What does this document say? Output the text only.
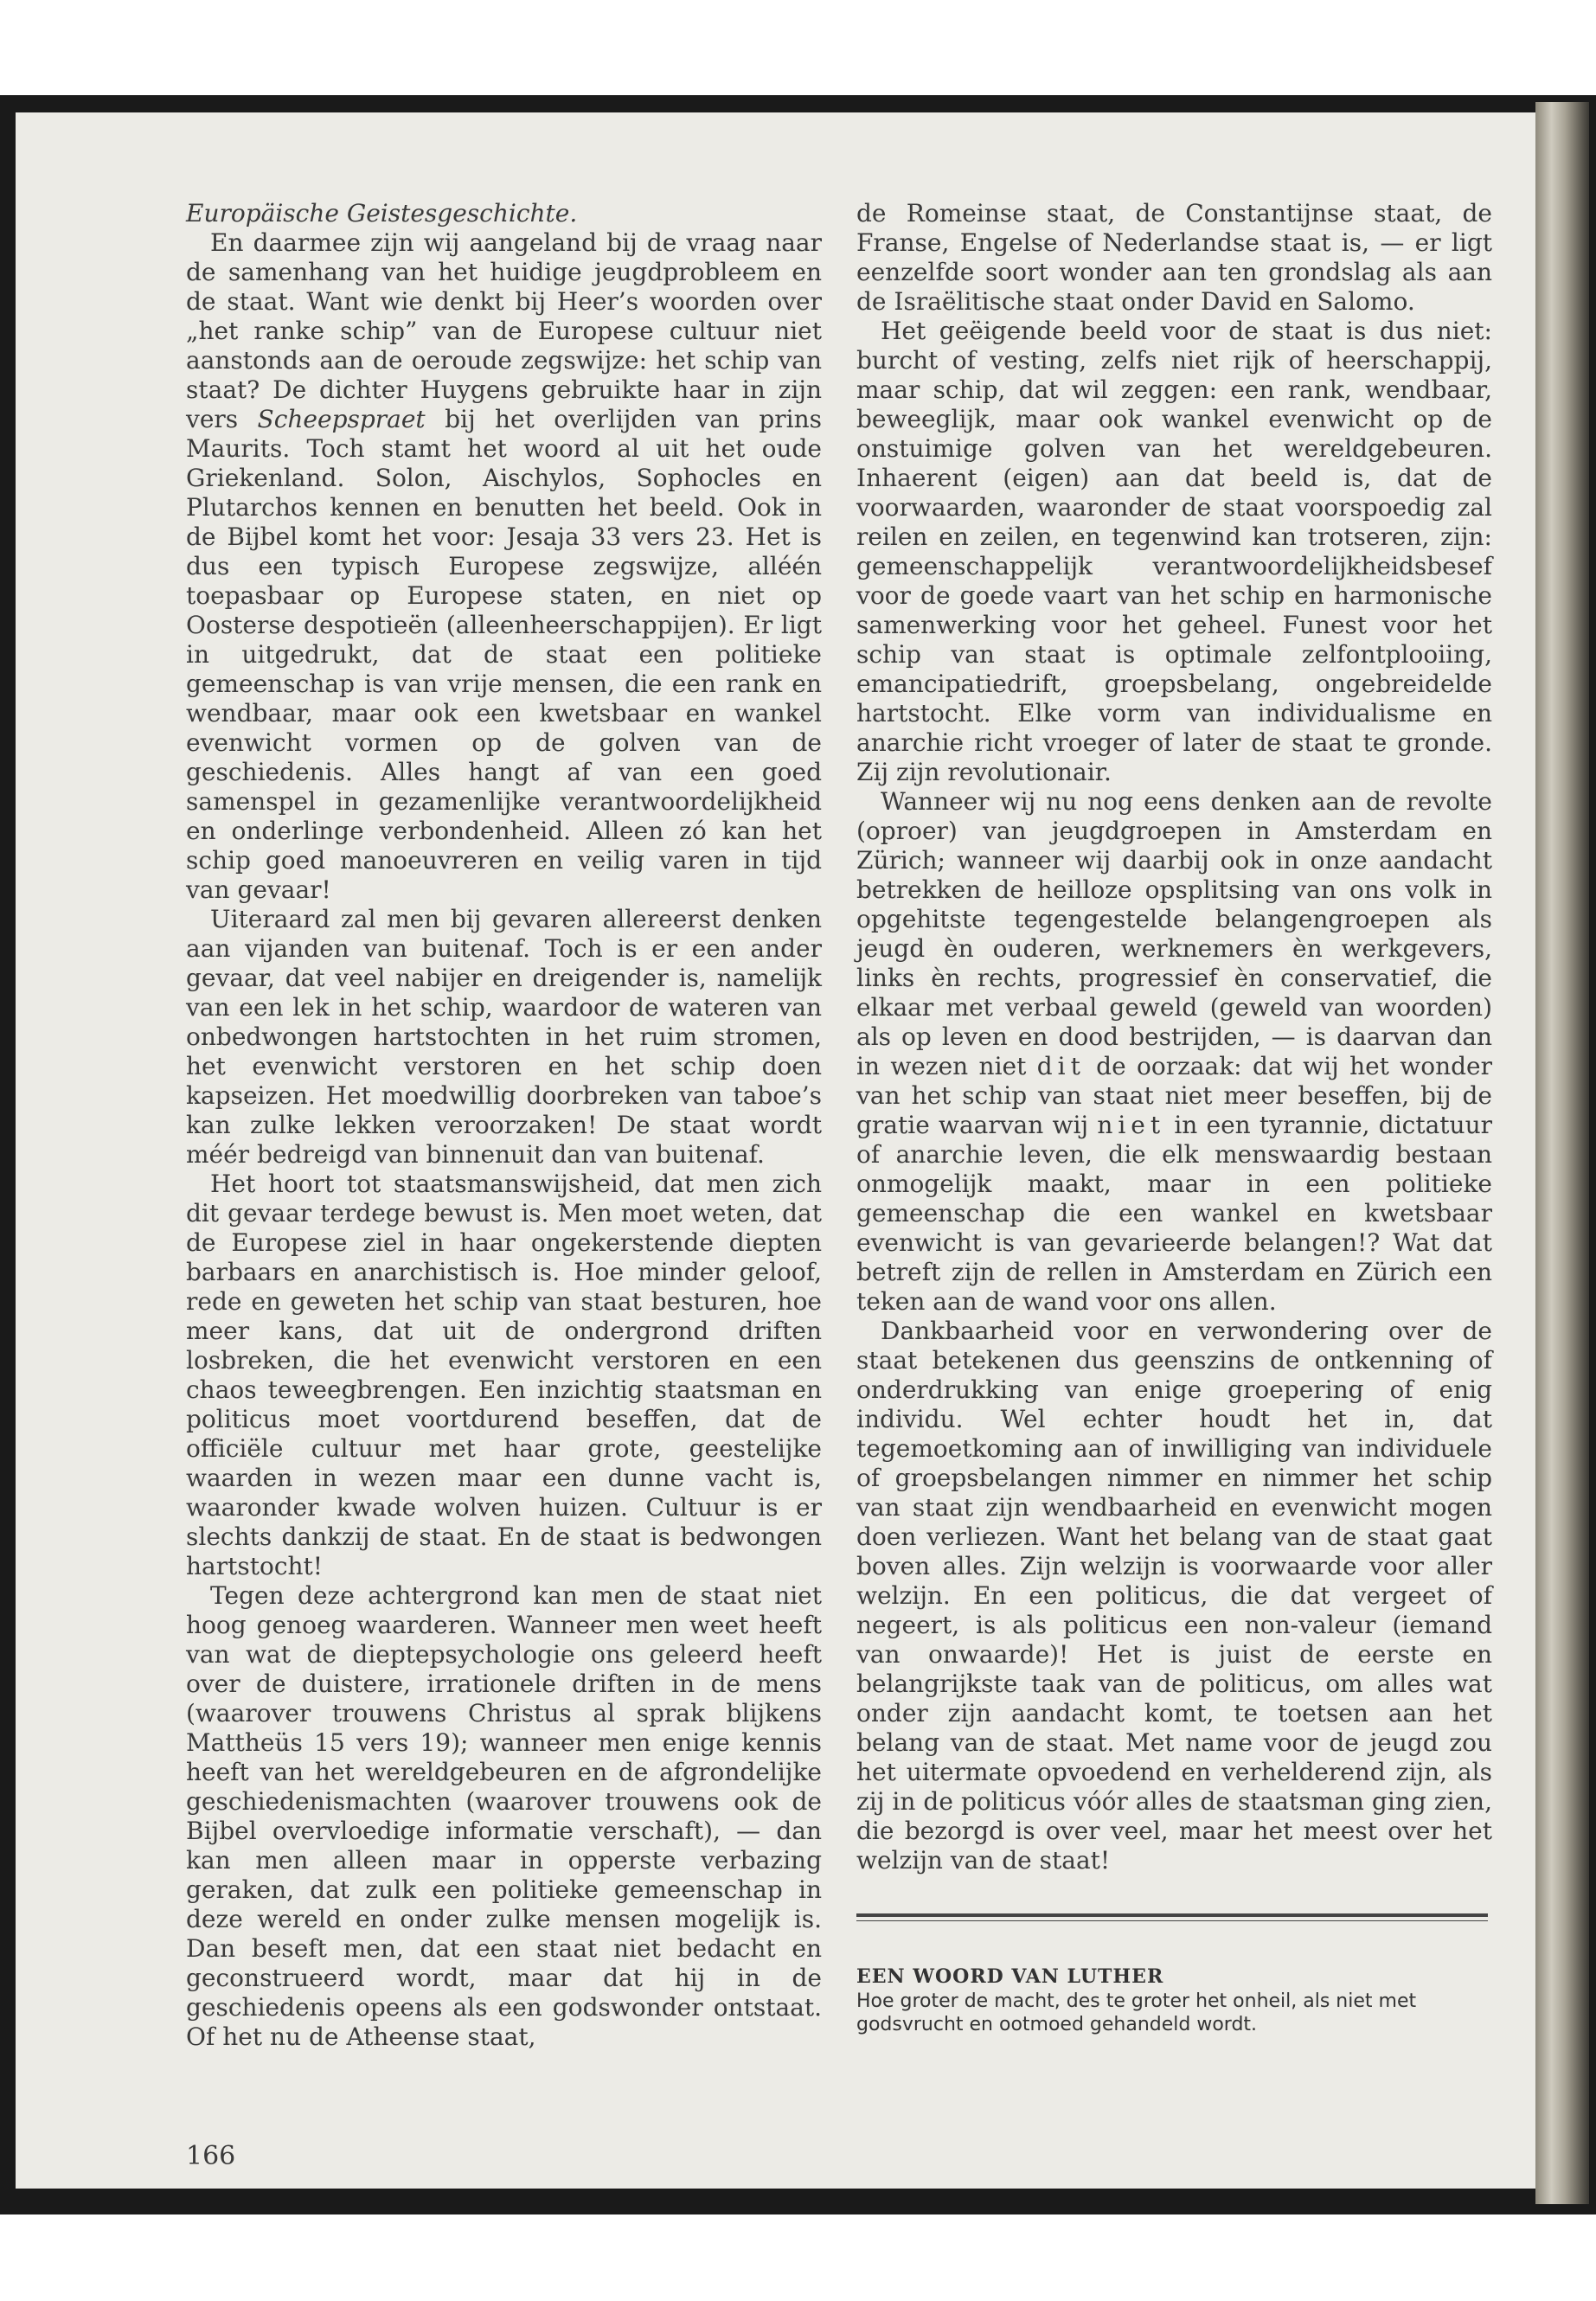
Europäische Geistesgeschichte.

En daarmee zijn wij aangeland bij de vraag naar de samenhang van het huidige jeugdprobleem en de staat. Want wie denkt bij Heer’s woorden over „het ranke schip” van de Europese cultuur niet aanstonds aan de oeroude zegswijze: het schip van staat? De dichter Huygens gebruikte haar in zijn vers Scheepspraet bij het overlijden van prins Maurits. Toch stamt het woord al uit het oude Griekenland. Solon, Aischylos, Sophocles en Plutarchos kennen en benutten het beeld. Ook in de Bijbel komt het voor: Jesaja 33 vers 23. Het is dus een typisch Europese zegswijze, alléén toepasbaar op Europese staten, en niet op Oosterse despotieën (alleenheerschappijen). Er ligt in uitgedrukt, dat de staat een politieke gemeenschap is van vrije mensen, die een rank en wendbaar, maar ook een kwetsbaar en wankel evenwicht vormen op de golven van de geschiedenis. Alles hangt af van een goed samenspel in gezamenlijke verantwoordelijkheid en onderlinge verbondenheid. Alleen zó kan het schip goed manoeuvreren en veilig varen in tijd van gevaar!

Uiteraard zal men bij gevaren allereerst denken aan vijanden van buitenaf. Toch is er een ander gevaar, dat veel nabijer en dreigender is, namelijk van een lek in het schip, waardoor de wateren van onbedwongen hartstochten in het ruim stromen, het evenwicht verstoren en het schip doen kapseizen. Het moedwillig doorbreken van taboe’s kan zulke lekken veroorzaken! De staat wordt méér bedreigd van binnenuit dan van buitenaf.

Het hoort tot staatsmanswijsheid, dat men zich dit gevaar terdege bewust is. Men moet weten, dat de Europese ziel in haar ongekerstende diepten barbaars en anarchistisch is. Hoe minder geloof, rede en geweten het schip van staat besturen, hoe meer kans, dat uit de ondergrond driften losbreken, die het evenwicht verstoren en een chaos teweegbrengen. Een inzichtig staatsman en politicus moet voortdurend beseffen, dat de officiële cultuur met haar grote, geestelijke waarden in wezen maar een dunne vacht is, waaronder kwade wolven huizen. Cultuur is er slechts dankzij de staat. En de staat is bedwongen hartstocht!

Tegen deze achtergrond kan men de staat niet hoog genoeg waarderen. Wanneer men weet heeft van wat de dieptepsychologie ons geleerd heeft over de duistere, irrationele driften in de mens (waarover trouwens Christus al sprak blijkens Mattheüs 15 vers 19); wanneer men enige kennis heeft van het wereldgebeuren en de afgrondelijke geschiedenismachten (waarover trouwens ook de Bijbel overvloedige informatie verschaft), — dan kan men alleen maar in opperste verbazing geraken, dat zulk een politieke gemeenschap in deze wereld en onder zulke mensen mogelijk is. Dan beseft men, dat een staat niet bedacht en geconstrueerd wordt, maar dat hij in de geschiedenis opeens als een godswonder ontstaat. Of het nu de Atheense staat,

de Romeinse staat, de Constantijnse staat, de Franse, Engelse of Nederlandse staat is, — er ligt eenzelfde soort wonder aan ten grondslag als aan de Israëlitische staat onder David en Salomo.

Het geëigende beeld voor de staat is dus niet: burcht of vesting, zelfs niet rijk of heerschappij, maar schip, dat wil zeggen: een rank, wendbaar, beweeglijk, maar ook wankel evenwicht op de onstuimige golven van het wereldgebeuren. Inhaerent (eigen) aan dat beeld is, dat de voorwaarden, waaronder de staat voorspoedig zal reilen en zeilen, en tegenwind kan trotseren, zijn: gemeenschappelijk verantwoordelijkheidsbesef voor de goede vaart van het schip en harmonische samenwerking voor het geheel. Funest voor het schip van staat is optimale zelfontplooiing, emancipatiedrift, groepsbelang, ongebreidelde hartstocht. Elke vorm van individualisme en anarchie richt vroeger of later de staat te gronde. Zij zijn revolutionair.

Wanneer wij nu nog eens denken aan de revolte (oproer) van jeugdgroepen in Amsterdam en Zürich; wanneer wij daarbij ook in onze aandacht betrekken de heilloze opsplitsing van ons volk in opgehitste tegengestelde belangengroepen als jeugd èn ouderen, werknemers èn werkgevers, links èn rechts, progressief èn conservatief, die elkaar met verbaal geweld (geweld van woorden) als op leven en dood bestrijden, — is daarvan dan in wezen niet dit de oorzaak: dat wij het wonder van het schip van staat niet meer beseffen, bij de gratie waarvan wij niet in een tyrannie, dictatuur of anarchie leven, die elk menswaardig bestaan onmogelijk maakt, maar in een politieke gemeenschap die een wankel en kwetsbaar evenwicht is van gevarieerde belangen!? Wat dat betreft zijn de rellen in Amsterdam en Zürich een teken aan de wand voor ons allen.

Dankbaarheid voor en verwondering over de staat betekenen dus geenszins de ontkenning of onderdrukking van enige groepering of enig individu. Wel echter houdt het in, dat tegemoetkoming aan of inwilliging van individuele of groepsbelangen nimmer en nimmer het schip van staat zijn wendbaarheid en evenwicht mogen doen verliezen. Want het belang van de staat gaat boven alles. Zijn welzijn is voorwaarde voor aller welzijn. En een politicus, die dat vergeet of negeert, is als politicus een non-valeur (iemand van onwaarde)! Het is juist de eerste en belangrijkste taak van de politicus, om alles wat onder zijn aandacht komt, te toetsen aan het belang van de staat. Met name voor de jeugd zou het uitermate opvoedend en verhelderend zijn, als zij in de politicus vóór alles de staatsman ging zien, die bezorgd is over veel, maar het meest over het welzijn van de staat!

EEN WOORD VAN LUTHER
Hoe groter de macht, des te groter het onheil, als niet met godsvrucht en ootmoed gehandeld wordt.
166
